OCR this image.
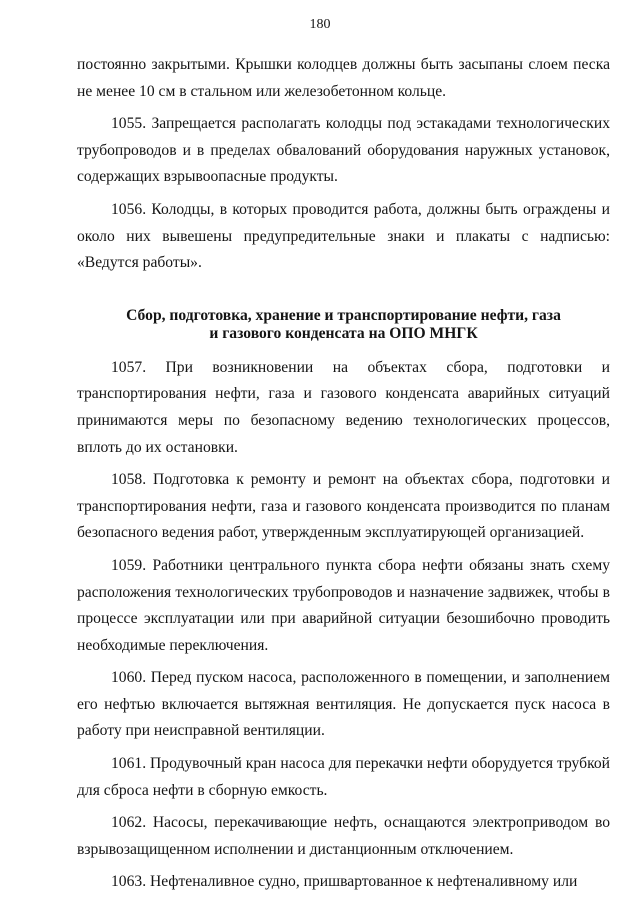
180

постоянно закрытыми. Крышки колодцев должны быть засыпаны слоем песка не менее 10 см в стальном или железобетонном кольце.

1055. Запрещается располагать колодцы под эстакадами технологических трубопроводов и в пределах обвалований оборудования наружных установок, содержащих взрывоопасные продукты.

1056. Колодцы, в которых проводится работа, должны быть ограждены и около них вывешены предупредительные знаки и плакаты с надписью: «Ведутся работы».

Сбор, подготовка, хранение и транспортирование нефти, газа
и газового конденсата на ОПО МНГК

1057. При возникновении на объектах сбора, подготовки и транспортирования нефти, газа и газового конденсата аварийных ситуаций принимаются меры по безопасному ведению технологических процессов, вплоть до их остановки.

1058. Подготовка к ремонту и ремонт на объектах сбора, подготовки и транспортирования нефти, газа и газового конденсата производится по планам безопасного ведения работ, утвержденным эксплуатирующей организацией.

1059. Работники центрального пункта сбора нефти обязаны знать схему расположения технологических трубопроводов и назначение задвижек, чтобы в процессе эксплуатации или при аварийной ситуации безошибочно проводить необходимые переключения.

1060. Перед пуском насоса, расположенного в помещении, и заполнением его нефтью включается вытяжная вентиляция. Не допускается пуск насоса в работу при неисправной вентиляции.

1061. Продувочный кран насоса для перекачки нефти оборудуется трубкой для сброса нефти в сборную емкость.

1062. Насосы, перекачивающие нефть, оснащаются электроприводом во взрывозащищенном исполнении и дистанционным отключением.

1063. Нефтеналивное судно, пришвартованное к нефтеналивному или
